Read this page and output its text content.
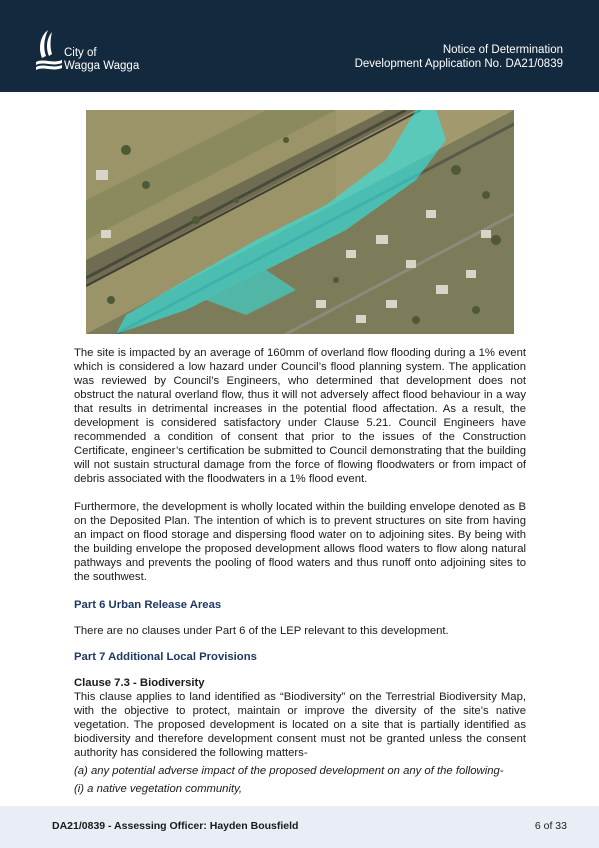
City of
Wagga Wagga
Notice of Determination
Development Application No. DA21/0839

The site is impacted by an average of 160mm of overland flow flooding during a 1% event which is considered a low hazard under Council’s flood planning system. The application was reviewed by Council’s Engineers, who determined that development does not obstruct the natural overland flow, thus it will not adversely affect flood behaviour in a way that results in detrimental increases in the potential flood affectation. As a result, the development is considered satisfactory under Clause 5.21. Council Engineers have recommended a condition of consent that prior to the issues of the Construction Certificate, engineer’s certification be submitted to Council demonstrating that the building will not sustain structural damage from the force of flowing floodwaters or from impact of debris associated with the floodwaters in a 1% flood event.

Furthermore, the development is wholly located within the building envelope denoted as B on the Deposited Plan. The intention of which is to prevent structures on site from having an impact on flood storage and dispersing flood water on to adjoining sites. By being with the building envelope the proposed development allows flood waters to flow along natural pathways and prevents the pooling of flood waters and thus runoff onto adjoining sites to the southwest.

Part 6 Urban Release Areas

There are no clauses under Part 6 of the LEP relevant to this development.

Part 7 Additional Local Provisions

Clause 7.3 - Biodiversity

This clause applies to land identified as “Biodiversity” on the Terrestrial Biodiversity Map, with the objective to protect, maintain or improve the diversity of the site’s native vegetation. The proposed development is located on a site that is partially identified as biodiversity and therefore development consent must not be granted unless the consent authority has considered the following matters-

(a) any potential adverse impact of the proposed development on any of the following-

(i) a native vegetation community,

DA21/0839 - Assessing Officer: Hayden Bousfield	6 of 33
